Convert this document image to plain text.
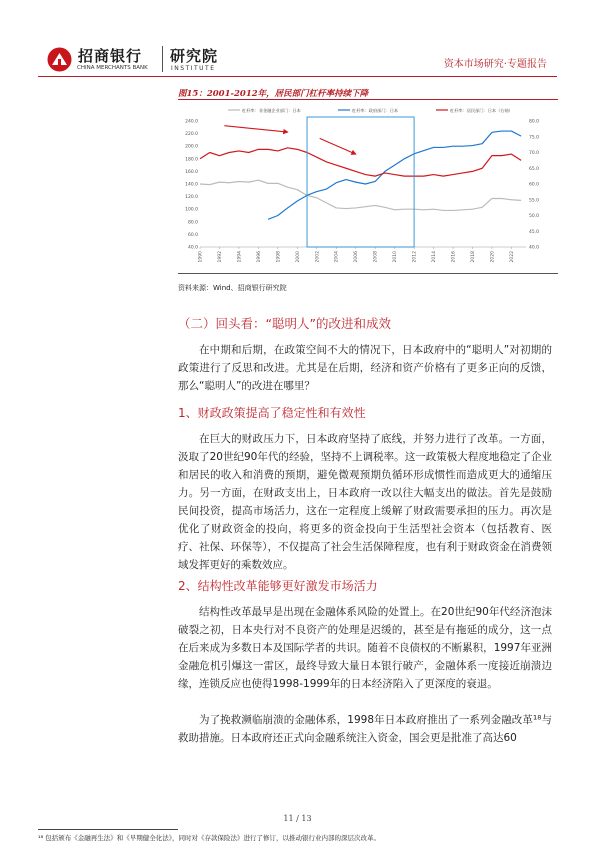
招商银行
CHINA MERCHANTS BANK
研究院
INSTITUTE	资本市场研究·专题报告
图15：2001-2012年，居民部门杠杆率持续下降
杠杆率：非金融企业部门：日本	杠杆率：政府部门：日本	杠杆率：居民部门：日本（右轴）
40.0
60.0
80.0
100.0
120.0
140.0
160.0
180.0
200.0
220.0
240.0
40.0
45.0
50.0
55.0
60.0
65.0
70.0
75.0
80.0
1990	1992	1994	1996	1998	2000	2002	2004	2006	2008	2010	2012	2014	2016	2018	2020	2022
资料来源：Wind、招商银行研究院
（二）回头看：“聪明人”的改进和成效

在中期和后期，在政策空间不大的情况下，日本政府中的“聪明人”对初期的政策进行了反思和改进。尤其是在后期，经济和资产价格有了更多正向的反馈，那么“聪明人”的改进在哪里？

1、财政政策提高了稳定性和有效性

在巨大的财政压力下，日本政府坚持了底线，并努力进行了改革。一方面，汲取了20世纪90年代的经验，坚持不上调税率。这一政策极大程度地稳定了企业和居民的收入和消费的预期，避免微观预期负循环形成惯性而造成更大的通缩压力。另一方面，在财政支出上，日本政府一改以往大幅支出的做法。首先是鼓励民间投资，提高市场活力，这在一定程度上缓解了财政需要承担的压力。再次是优化了财政资金的投向，将更多的资金投向于生活型社会资本（包括教育、医疗、社保、环保等），不仅提高了社会生活保障程度，也有利于财政资金在消费领域发挥更好的乘数效应。

2、结构性改革能够更好激发市场活力

结构性改革最早是出现在金融体系风险的处置上。在20世纪90年代经济泡沫破裂之初，日本央行对不良资产的处理是迟缓的，甚至是有拖延的成分，这一点在后来成为多数日本及国际学者的共识。随着不良债权的不断累积，1997年亚洲金融危机引爆这一雷区，最终导致大量日本银行破产，金融体系一度接近崩溃边缘，连锁反应也使得1998-1999年的日本经济陷入了更深度的衰退。

为了挽救濒临崩溃的金融体系，1998年日本政府推出了一系列金融改革¹⁸与救助措施。日本政府还正式向金融系统注入资金，国会更是批准了高达60

11 / 13
¹⁸ 包括颁布《金融再生法》和《早期健全化法》，同时对《存款保险法》进行了修订，以推动银行业内部的深层次改革。
